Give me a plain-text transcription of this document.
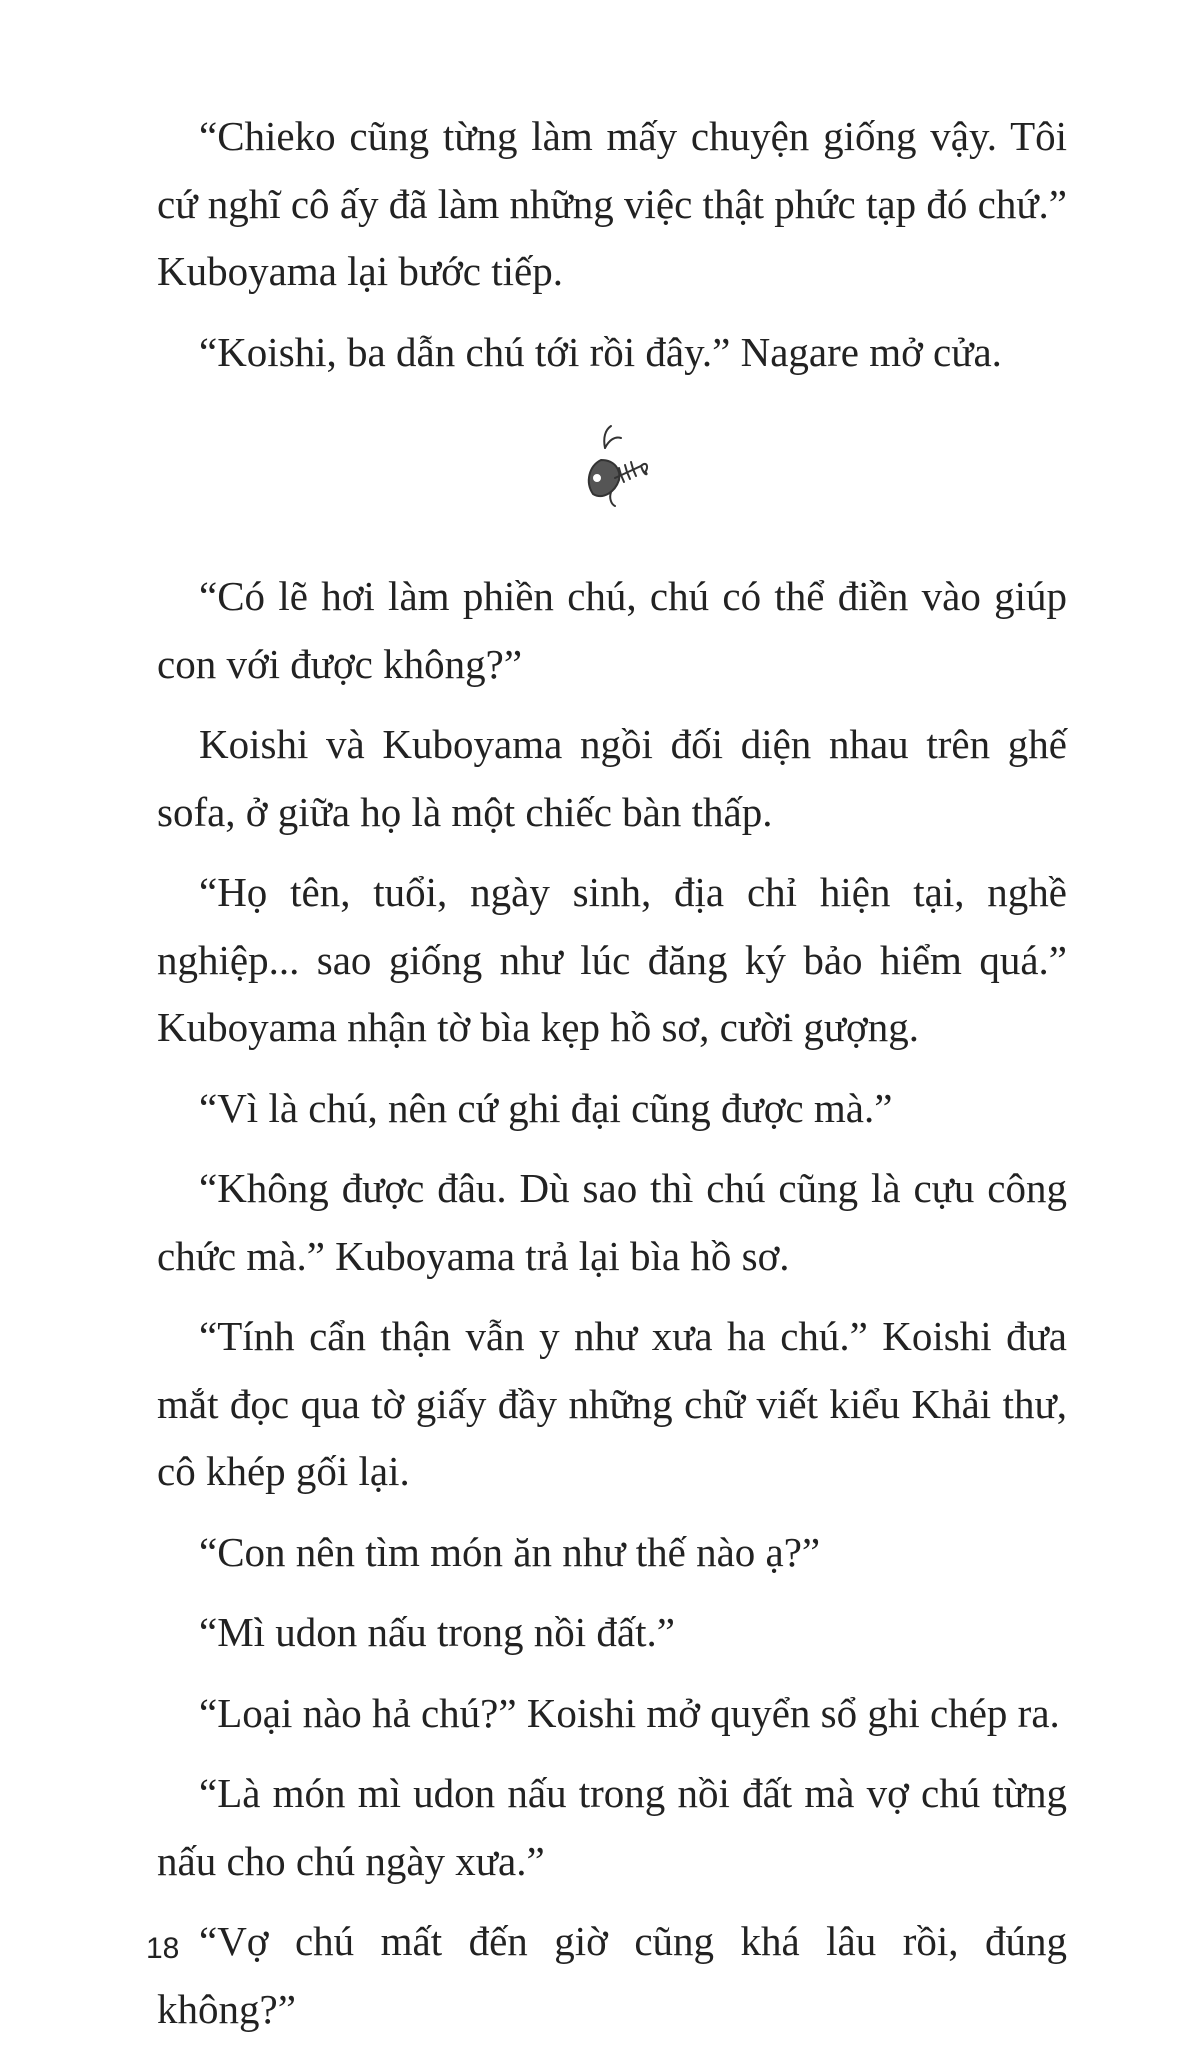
“Chieko cũng từng làm mấy chuyện giống vậy. Tôi cứ nghĩ cô ấy đã làm những việc thật phức tạp đó chứ.” Kuboyama lại bước tiếp.

“Koishi, ba dẫn chú tới rồi đây.” Nagare mở cửa.

“Có lẽ hơi làm phiền chú, chú có thể điền vào giúp con với được không?”

Koishi và Kuboyama ngồi đối diện nhau trên ghế sofa, ở giữa họ là một chiếc bàn thấp.

“Họ tên, tuổi, ngày sinh, địa chỉ hiện tại, nghề nghiệp... sao giống như lúc đăng ký bảo hiểm quá.” Kuboyama nhận tờ bìa kẹp hồ sơ, cười gượng.

“Vì là chú, nên cứ ghi đại cũng được mà.”

“Không được đâu. Dù sao thì chú cũng là cựu công chức mà.” Kuboyama trả lại bìa hồ sơ.

“Tính cẩn thận vẫn y như xưa ha chú.” Koishi đưa mắt đọc qua tờ giấy đầy những chữ viết kiểu Khải thư, cô khép gối lại.

“Con nên tìm món ăn như thế nào ạ?”

“Mì udon nấu trong nồi đất.”

“Loại nào hả chú?” Koishi mở quyển sổ ghi chép ra.

“Là món mì udon nấu trong nồi đất mà vợ chú từng nấu cho chú ngày xưa.”

“Vợ chú mất đến giờ cũng khá lâu rồi, đúng không?”

18
